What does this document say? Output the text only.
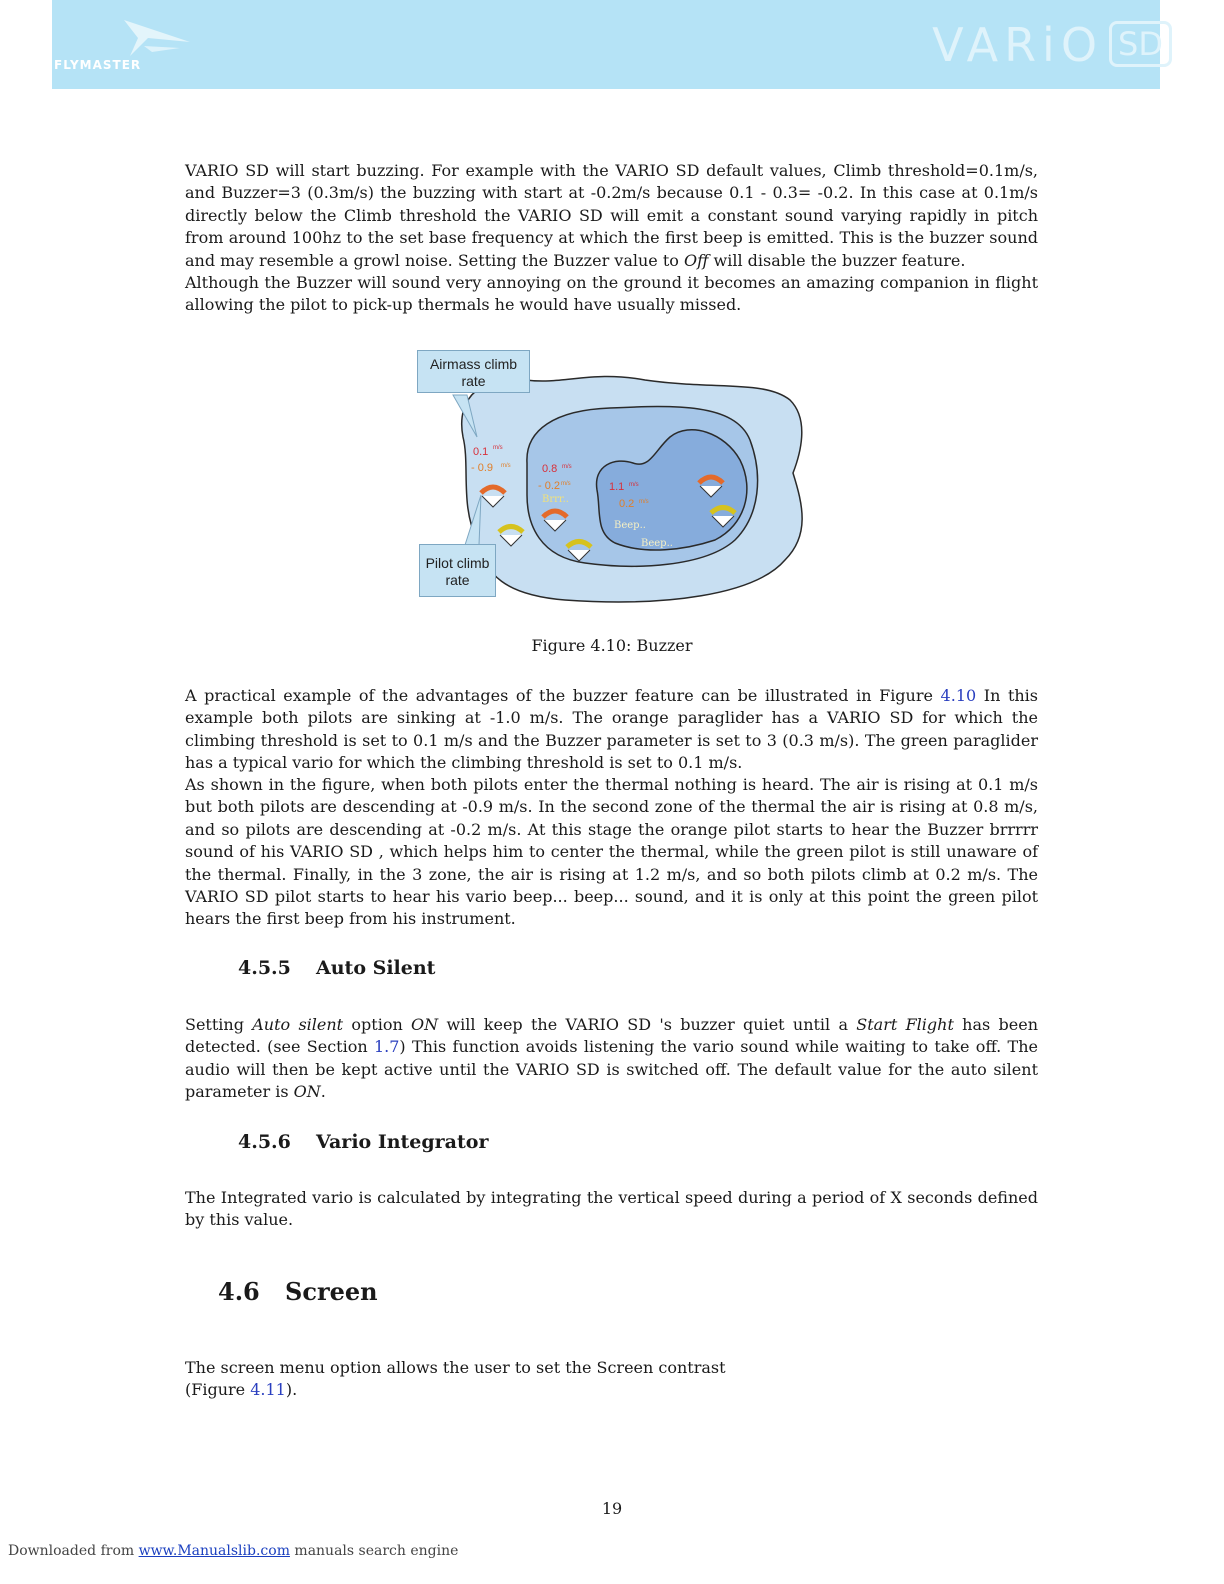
FLYMASTER	VARiO SD

VARIO SD will start buzzing. For example with the VARIO SD default values, Climb threshold=0.1m/s, and Buzzer=3 (0.3m/s) the buzzing with start at -0.2m/s because 0.1 - 0.3= -0.2. In this case at 0.1m/s directly below the Climb threshold the VARIO SD will emit a constant sound varying rapidly in pitch from around 100hz to the set base frequency at which the first beep is emitted. This is the buzzer sound and may resemble a growl noise. Setting the Buzzer value to Off will disable the buzzer feature.

Although the Buzzer will sound very annoying on the ground it becomes an amazing companion in flight allowing the pilot to pick-up thermals he would have usually missed.

0.1 m/s
- 0.9 m/s	0.8 m/s
- 0.2 m/s
Brrr..
1.1 m/s
0.2 m/s
Beep..
Beep..
Airmass climb rate
Pilot climb rate
Figure 4.10: Buzzer

A practical example of the advantages of the buzzer feature can be illustrated in Figure 4.10 In this example both pilots are sinking at -1.0 m/s. The orange paraglider has a VARIO SD for which the climbing threshold is set to 0.1 m/s and the Buzzer parameter is set to 3 (0.3 m/s). The green paraglider has a typical vario for which the climbing threshold is set to 0.1 m/s.

As shown in the figure, when both pilots enter the thermal nothing is heard. The air is rising at 0.1 m/s but both pilots are descending at -0.9 m/s. In the second zone of the thermal the air is rising at 0.8 m/s, and so pilots are descending at -0.2 m/s. At this stage the orange pilot starts to hear the Buzzer brrrrr sound of his VARIO SD , which helps him to center the thermal, while the green pilot is still unaware of the thermal. Finally, in the 3 zone, the air is rising at 1.2 m/s, and so both pilots climb at 0.2 m/s. The VARIO SD pilot starts to hear his vario beep... beep... sound, and it is only at this point the green pilot hears the first beep from his instrument.

4.5.5 Auto Silent

Setting Auto silent option ON will keep the VARIO SD 's buzzer quiet until a Start Flight has been detected. (see Section 1.7) This function avoids listening the vario sound while waiting to take off. The audio will then be kept active until the VARIO SD is switched off. The default value for the auto silent parameter is ON.

4.5.6 Vario Integrator

The Integrated vario is calculated by integrating the vertical speed during a period of X seconds defined by this value.

4.6 Screen

The screen menu option allows the user to set the Screen contrast
(Figure 4.11).

19
Downloaded from www.Manualslib.com manuals search engine
